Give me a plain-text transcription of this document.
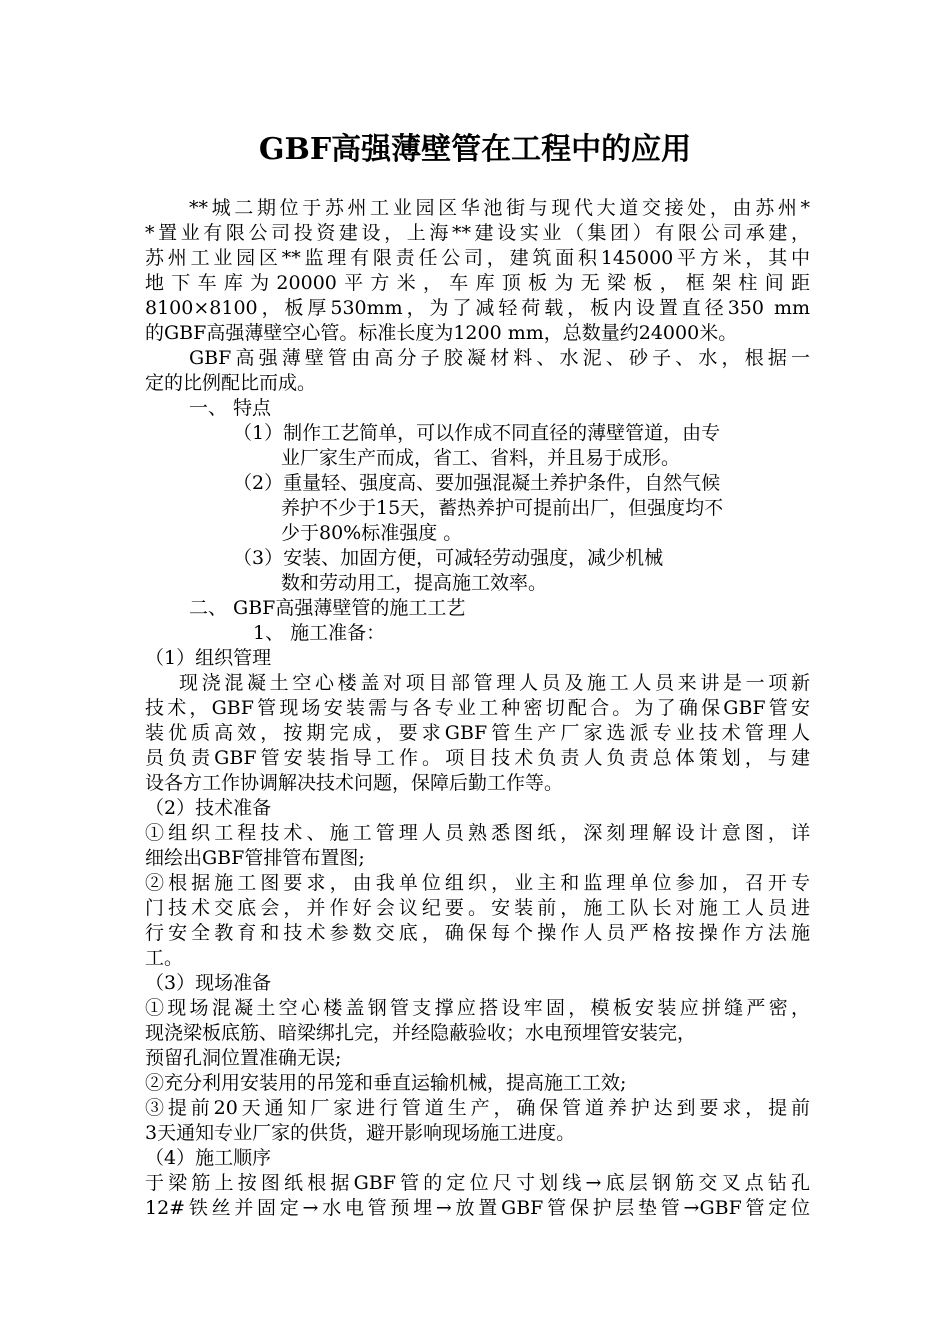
GBF高强薄壁管在工程中的应用

**城二期位于苏州工业园区华池街与现代大道交接处，由苏州*

*置业有限公司投资建设，上海**建设实业（集团）有限公司承建，

苏州工业园区**监理有限责任公司，建筑面积145000平方米，其中

地下车库为20000平方米，车库顶板为无梁板，框架柱间距

8100×8100，板厚530mm，为了减轻荷载，板内设置直径350 mm

的GBF高强薄壁空心管。标准长度为1200 mm，总数量约24000米。

GBF高强薄壁管由高分子胶凝材料、水泥、砂子、水，根据一

定的比例配比而成。

一、 特点

（1）制作工艺简单，可以作成不同直径的薄壁管道，由专

业厂家生产而成，省工、省料，并且易于成形。

（2）重量轻、强度高、要加强混凝土养护条件，自然气候

养护不少于15天，蓄热养护可提前出厂，但强度均不

少于80%标准强度 。

（3）安装、加固方便，可减轻劳动强度，减少机械

数和劳动用工，提高施工效率。

二、 GBF高强薄壁管的施工工艺

1、 施工准备：

（1）组织管理

现浇混凝土空心楼盖对项目部管理人员及施工人员来讲是一项新

技术，GBF管现场安装需与各专业工种密切配合。为了确保GBF管安

装优质高效，按期完成，要求GBF管生产厂家选派专业技术管理人

员负责GBF管安装指导工作。项目技术负责人负责总体策划，与建

设各方工作协调解决技术问题，保障后勤工作等。

（2）技术准备

①组织工程技术、施工管理人员熟悉图纸，深刻理解设计意图，详

细绘出GBF管排管布置图;

②根据施工图要求，由我单位组织，业主和监理单位参加，召开专

门技术交底会，并作好会议纪要。安装前，施工队长对施工人员进

行安全教育和技术参数交底，确保每个操作人员严格按操作方法施

工。

（3）现场准备

①现场混凝土空心楼盖钢管支撑应搭设牢固，模板安装应拼缝严密，

现浇梁板底筋、暗梁绑扎完，并经隐蔽验收；水电预埋管安装完，

预留孔洞位置准确无误;

②充分利用安装用的吊笼和垂直运输机械，提高施工工效;

③提前20天通知厂家进行管道生产，确保管道养护达到要求，提前

3天通知专业厂家的供货，避开影响现场施工进度。

（4）施工顺序

于梁筋上按图纸根据GBF管的定位尺寸划线→底层钢筋交叉点钻孔

12#铁丝并固定→水电管预埋→放置GBF管保护层垫管→GBF管定位
